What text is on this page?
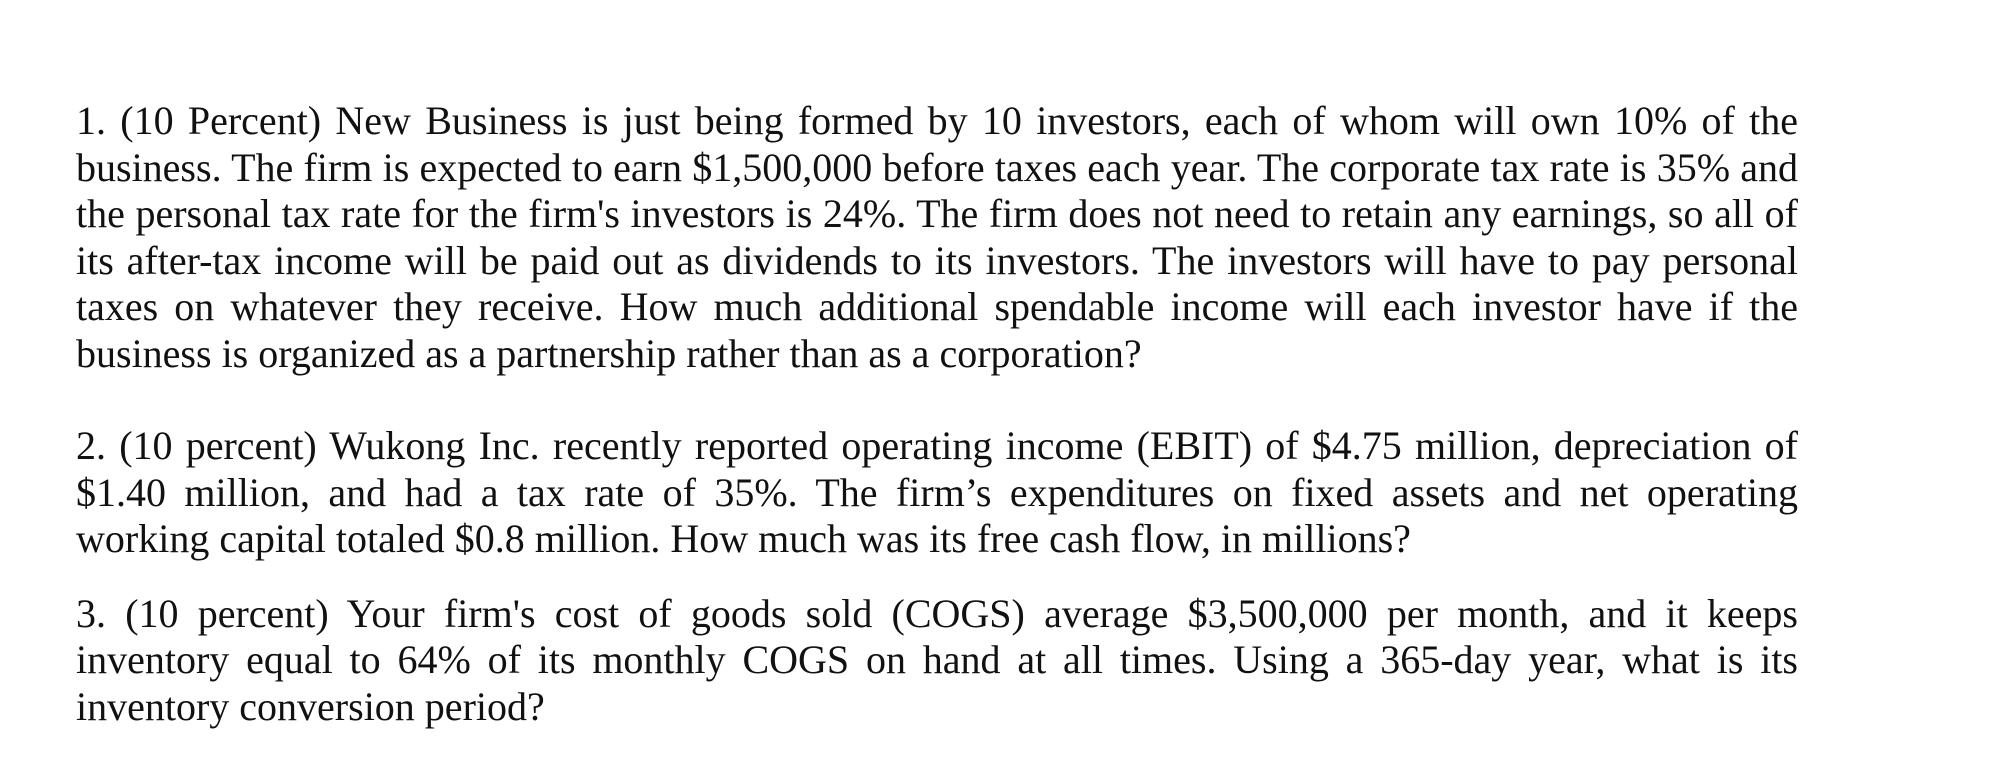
1. (10 Percent) New Business is just being formed by 10 investors, each of whom will own 10% of the business. The firm is expected to earn $1,500,000 before taxes each year. The corporate tax rate is 35% and the personal tax rate for the firm's investors is 24%. The firm does not need to retain any earnings, so all of its after-tax income will be paid out as dividends to its investors. The investors will have to pay personal taxes on whatever they receive. How much additional spendable income will each investor have if the business is organized as a partnership rather than as a corporation?

2. (10 percent) Wukong Inc. recently reported operating income (EBIT) of $4.75 million, depreciation of $1.40 million, and had a tax rate of 35%. The firm’s expenditures on fixed assets and net operating working capital totaled $0.8 million. How much was its free cash flow, in millions?

3. (10 percent) Your firm's cost of goods sold (COGS) average $3,500,000 per month, and it keeps inventory equal to 64% of its monthly COGS on hand at all times. Using a 365-day year, what is its inventory conversion period?
